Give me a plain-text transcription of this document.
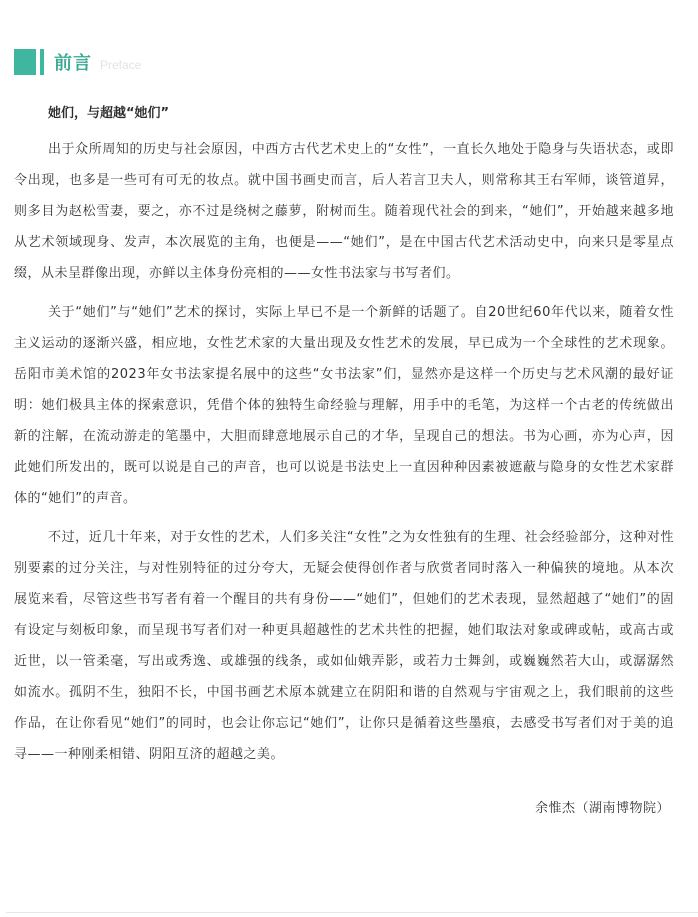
前言 Preface

她们，与超越“她们”

出于众所周知的历史与社会原因，中西方古代艺术史上的“女性”，一直长久地处于隐身与失语状态，或即令出现，也多是一些可有可无的妆点。就中国书画史而言，后人若言卫夫人，则常称其王右军师，谈管道昇，则多目为赵松雪妻，要之，亦不过是绕树之藤萝，附树而生。随着现代社会的到来，“她们”，开始越来越多地从艺术领域现身、发声，本次展览的主角，也便是——“她们”，是在中国古代艺术活动史中，向来只是零星点缀，从未呈群像出现，亦鲜以主体身份亮相的——女性书法家与书写者们。

关于“她们”与“她们”艺术的探讨，实际上早已不是一个新鲜的话题了。自20世纪60年代以来，随着女性主义运动的逐渐兴盛，相应地，女性艺术家的大量出现及女性艺术的发展，早已成为一个全球性的艺术现象。岳阳市美术馆的2023年女书法家提名展中的这些“女书法家”们，显然亦是这样一个历史与艺术风潮的最好证明：她们极具主体的探索意识，凭借个体的独特生命经验与理解，用手中的毛笔，为这样一个古老的传统做出新的注解，在流动游走的笔墨中，大胆而肆意地展示自己的才华，呈现自己的想法。书为心画，亦为心声，因此她们所发出的，既可以说是自己的声音，也可以说是书法史上一直因种种因素被遮蔽与隐身的女性艺术家群体的“她们”的声音。

不过，近几十年来，对于女性的艺术，人们多关注“女性”之为女性独有的生理、社会经验部分，这种对性别要素的过分关注，与对性别特征的过分夸大，无疑会使得创作者与欣赏者同时落入一种偏狭的境地。从本次展览来看，尽管这些书写者有着一个醒目的共有身份——“她们”，但她们的艺术表现，显然超越了“她们”的固有设定与刻板印象，而呈现书写者们对一种更具超越性的艺术共性的把握，她们取法对象或碑或帖，或高古或近世，以一管柔毫，写出或秀逸、或雄强的线条，或如仙娥弄影，或若力士舞剑，或巍巍然若大山，或潺潺然如流水。孤阴不生，独阳不长，中国书画艺术原本就建立在阴阳和谐的自然观与宇宙观之上，我们眼前的这些作品，在让你看见“她们”的同时，也会让你忘记“她们”，让你只是循着这些墨痕，去感受书写者们对于美的追寻——一种刚柔相错、阴阳互济的超越之美。

余惟杰（湖南博物院）
